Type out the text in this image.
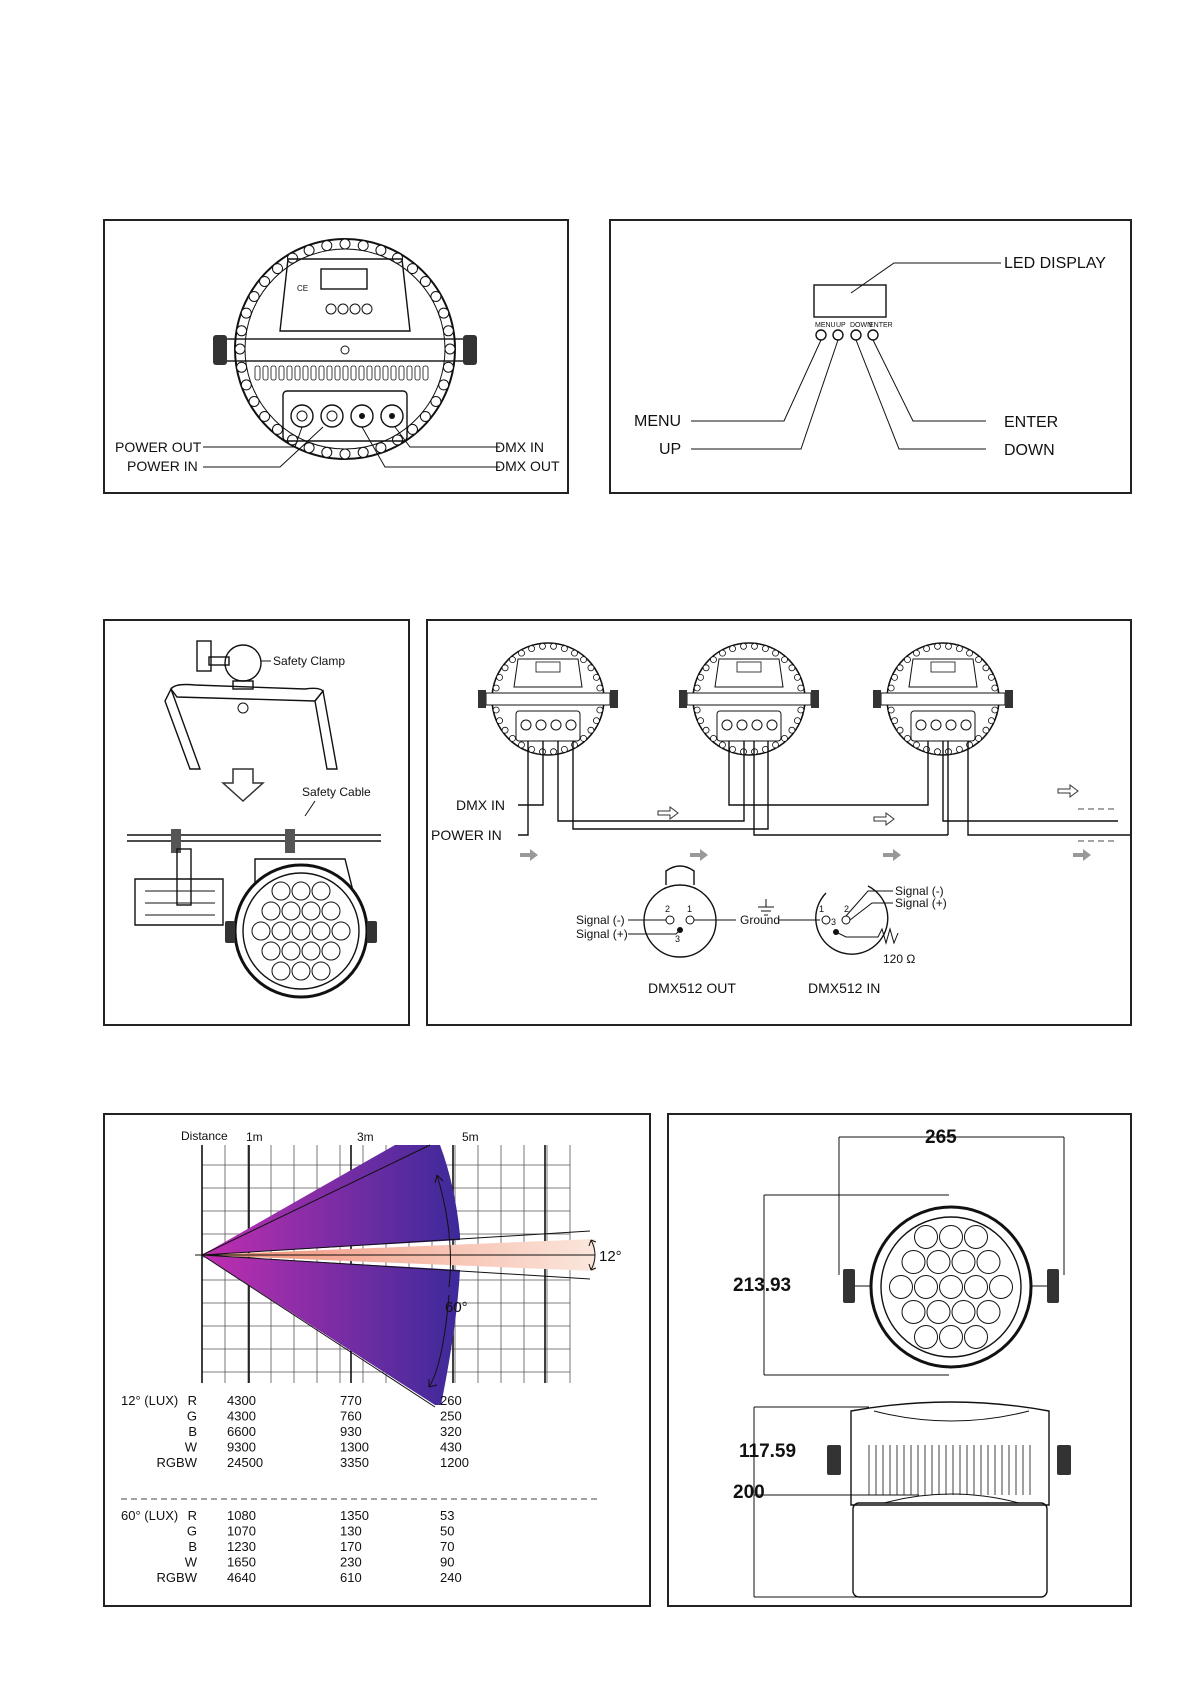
CE
POWER OUT
POWER IN
DMX IN
DMX OUT
LED DISPLAY
MENU UP DOWN
ENTER
MENU
UP
ENTER
DOWN
Safety Clamp
Safety Cable
DMX IN
POWER IN
2 1
3
Signal (-)
Signal (+)
Ground
1 2
3
Signal (-)
Signal (+)
120 Ω
DMX512 OUT	DMX512 IN
12°
60°
Distance 1m	3m	5m
12° (LUX) R 4300	770	260
G 4300	760	250
B 6600	930	320
W 9300	1300	430
RGBW 24500	3350	1200
60° (LUX) R 1080	1350	53
G 1070	130	50
B 1230	170	70
W 1650	230	90
RGBW 4640	610	240
265
213.93
117.59
200
